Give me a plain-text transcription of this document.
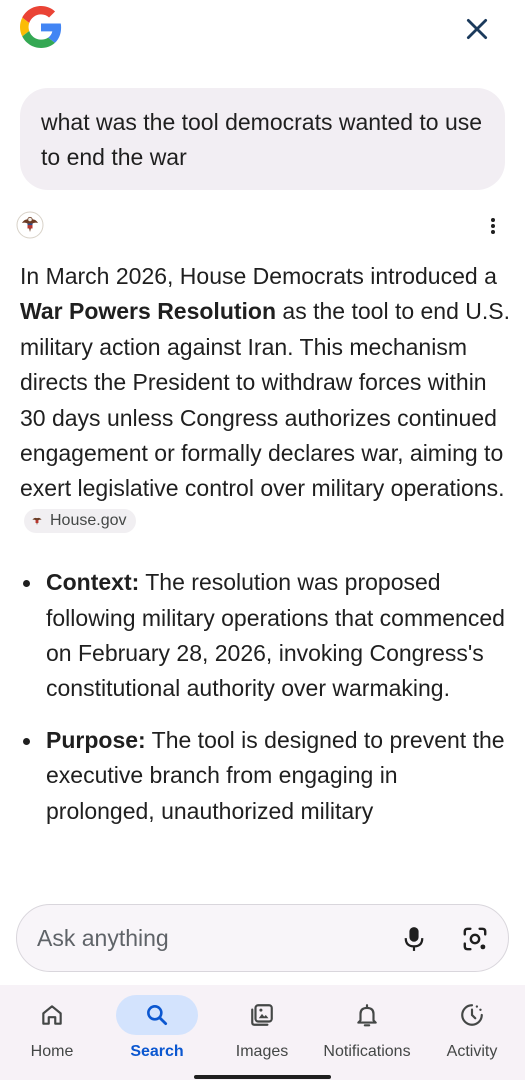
what was the tool democrats wanted to use to end the war

In March 2026, House Democrats introduced a War Powers Resolution as the tool to end U.S. military action against Iran. This mechanism directs the President to withdraw forces within 30 days unless Congress authorizes continued engagement or formally declares war, aiming to exert legislative control over military operations.
House.gov

Context: The resolution was proposed following military operations that commenced on February 28, 2026, invoking Congress's constitutional authority over warmaking.
Purpose: The tool is designed to prevent the executive branch from engaging in prolonged, unauthorized military
Ask anything
Home	Search	Images	Notifications	Activity
